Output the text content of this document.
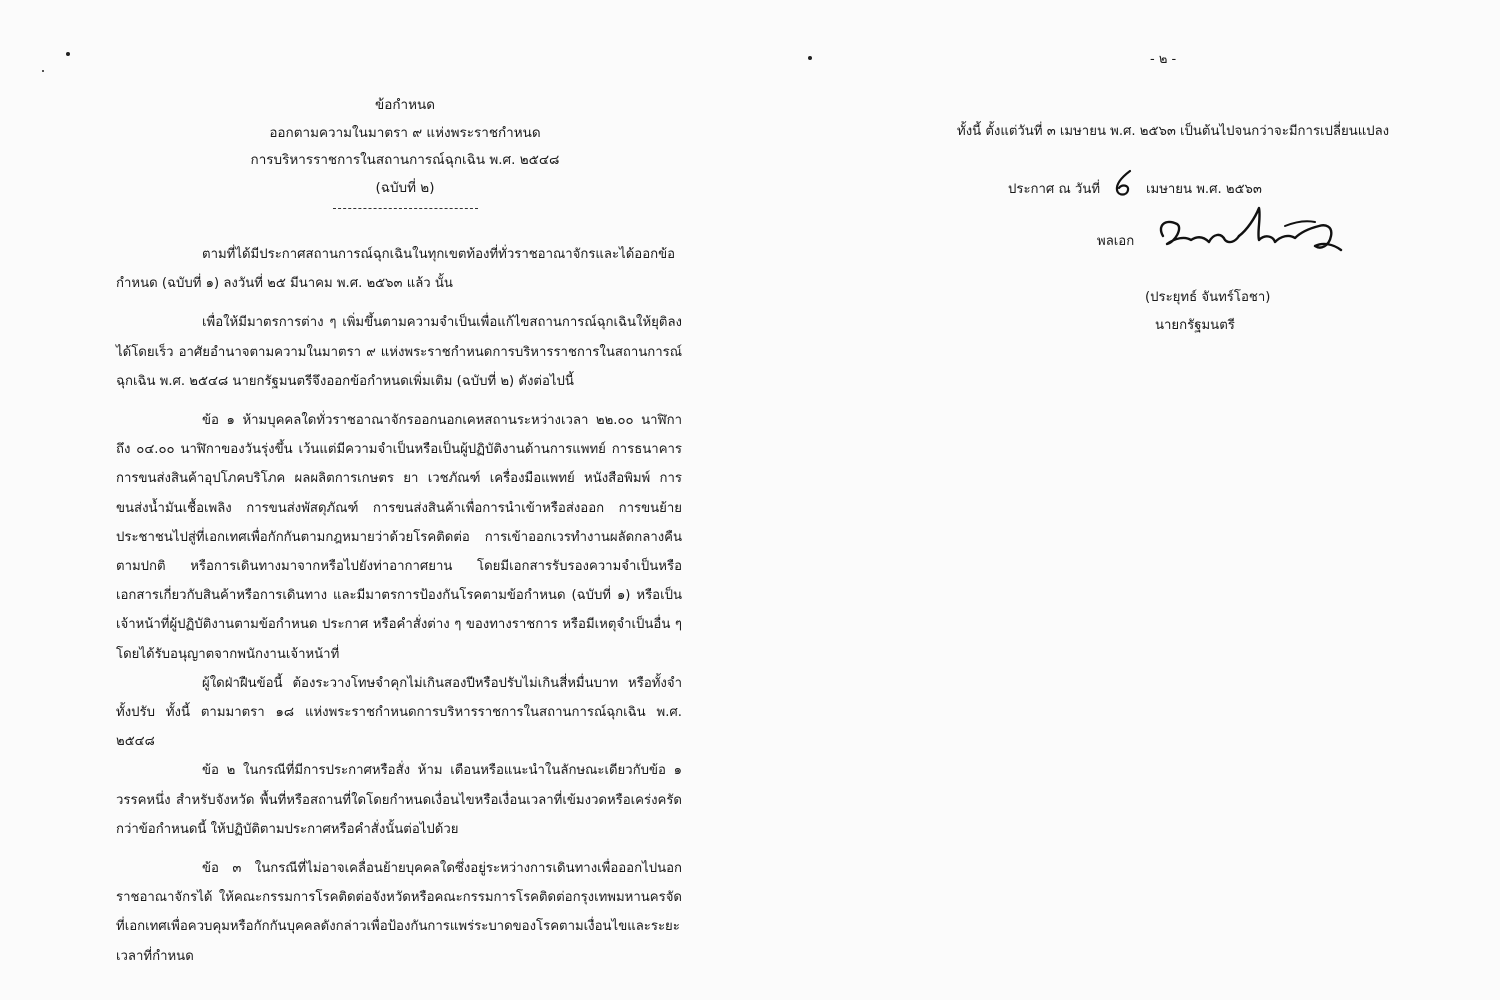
ข้อกำหนด
ออกตามความในมาตรา ๙ แห่งพระราชกำหนด
การบริหารราชการในสถานการณ์ฉุกเฉิน พ.ศ. ๒๕๔๘
(ฉบับที่ ๒)

ตามที่ได้มีประกาศสถานการณ์ฉุกเฉินในทุกเขตท้องที่ทั่วราชอาณาจักรและได้ออกข้อกำหนด (ฉบับที่ ๑) ลงวันที่ ๒๕ มีนาคม พ.ศ. ๒๕๖๓ แล้ว นั้น

เพื่อให้มีมาตรการต่าง ๆ เพิ่มขึ้นตามความจำเป็นเพื่อแก้ไขสถานการณ์ฉุกเฉินให้ยุติลงได้โดยเร็ว อาศัยอำนาจตามความในมาตรา ๙ แห่งพระราชกำหนดการบริหารราชการในสถานการณ์ฉุกเฉิน พ.ศ. ๒๕๔๘ นายกรัฐมนตรีจึงออกข้อกำหนดเพิ่มเติม (ฉบับที่ ๒) ดังต่อไปนี้

ข้อ ๑ ห้ามบุคคลใดทั่วราชอาณาจักรออกนอกเคหสถานระหว่างเวลา ๒๒.๐๐ นาฬิกา ถึง ๐๔.๐๐ นาฬิกาของวันรุ่งขึ้น เว้นแต่มีความจำเป็นหรือเป็นผู้ปฏิบัติงานด้านการแพทย์ การธนาคาร การขนส่งสินค้าอุปโภคบริโภค ผลผลิตการเกษตร ยา เวชภัณฑ์ เครื่องมือแพทย์ หนังสือพิมพ์ การขนส่งน้ำมันเชื้อเพลิง การขนส่งพัสดุภัณฑ์ การขนส่งสินค้าเพื่อการนำเข้าหรือส่งออก การขนย้ายประชาชนไปสู่ที่เอกเทศเพื่อกักกันตามกฎหมายว่าด้วยโรคติดต่อ การเข้าออกเวรทำงานผลัดกลางคืนตามปกติ หรือการเดินทางมาจากหรือไปยังท่าอากาศยาน โดยมีเอกสารรับรองความจำเป็นหรือเอกสารเกี่ยวกับสินค้าหรือการเดินทาง และมีมาตรการป้องกันโรคตามข้อกำหนด (ฉบับที่ ๑) หรือเป็นเจ้าหน้าที่ผู้ปฏิบัติงานตามข้อกำหนด ประกาศ หรือคำสั่งต่าง ๆ ของทางราชการ หรือมีเหตุจำเป็นอื่น ๆ โดยได้รับอนุญาตจากพนักงานเจ้าหน้าที่

ผู้ใดฝ่าฝืนข้อนี้ ต้องระวางโทษจำคุกไม่เกินสองปีหรือปรับไม่เกินสี่หมื่นบาท หรือทั้งจำทั้งปรับ ทั้งนี้ ตามมาตรา ๑๘ แห่งพระราชกำหนดการบริหารราชการในสถานการณ์ฉุกเฉิน พ.ศ. ๒๕๔๘

ข้อ ๒ ในกรณีที่มีการประกาศหรือสั่ง ห้าม เตือนหรือแนะนำในลักษณะเดียวกับข้อ ๑ วรรคหนึ่ง สำหรับจังหวัด พื้นที่หรือสถานที่ใดโดยกำหนดเงื่อนไขหรือเงื่อนเวลาที่เข้มงวดหรือเคร่งครัดกว่าข้อกำหนดนี้ ให้ปฏิบัติตามประกาศหรือคำสั่งนั้นต่อไปด้วย

ข้อ ๓ ในกรณีที่ไม่อาจเคลื่อนย้ายบุคคลใดซึ่งอยู่ระหว่างการเดินทางเพื่อออกไปนอกราชอาณาจักรได้ ให้คณะกรรมการโรคติดต่อจังหวัดหรือคณะกรรมการโรคติดต่อกรุงเทพมหานครจัดที่เอกเทศเพื่อควบคุมหรือกักกันบุคคลดังกล่าวเพื่อป้องกันการแพร่ระบาดของโรคตามเงื่อนไขและระยะเวลาที่กำหนด

- ๒ -
ทั้งนี้ ตั้งแต่วันที่ ๓ เมษายน พ.ศ. ๒๕๖๓ เป็นต้นไปจนกว่าจะมีการเปลี่ยนแปลง
ประกาศ ณ วันที่	เมษายน พ.ศ. ๒๕๖๓
พลเอก
(ประยุทธ์ จันทร์โอชา)
นายกรัฐมนตรี
